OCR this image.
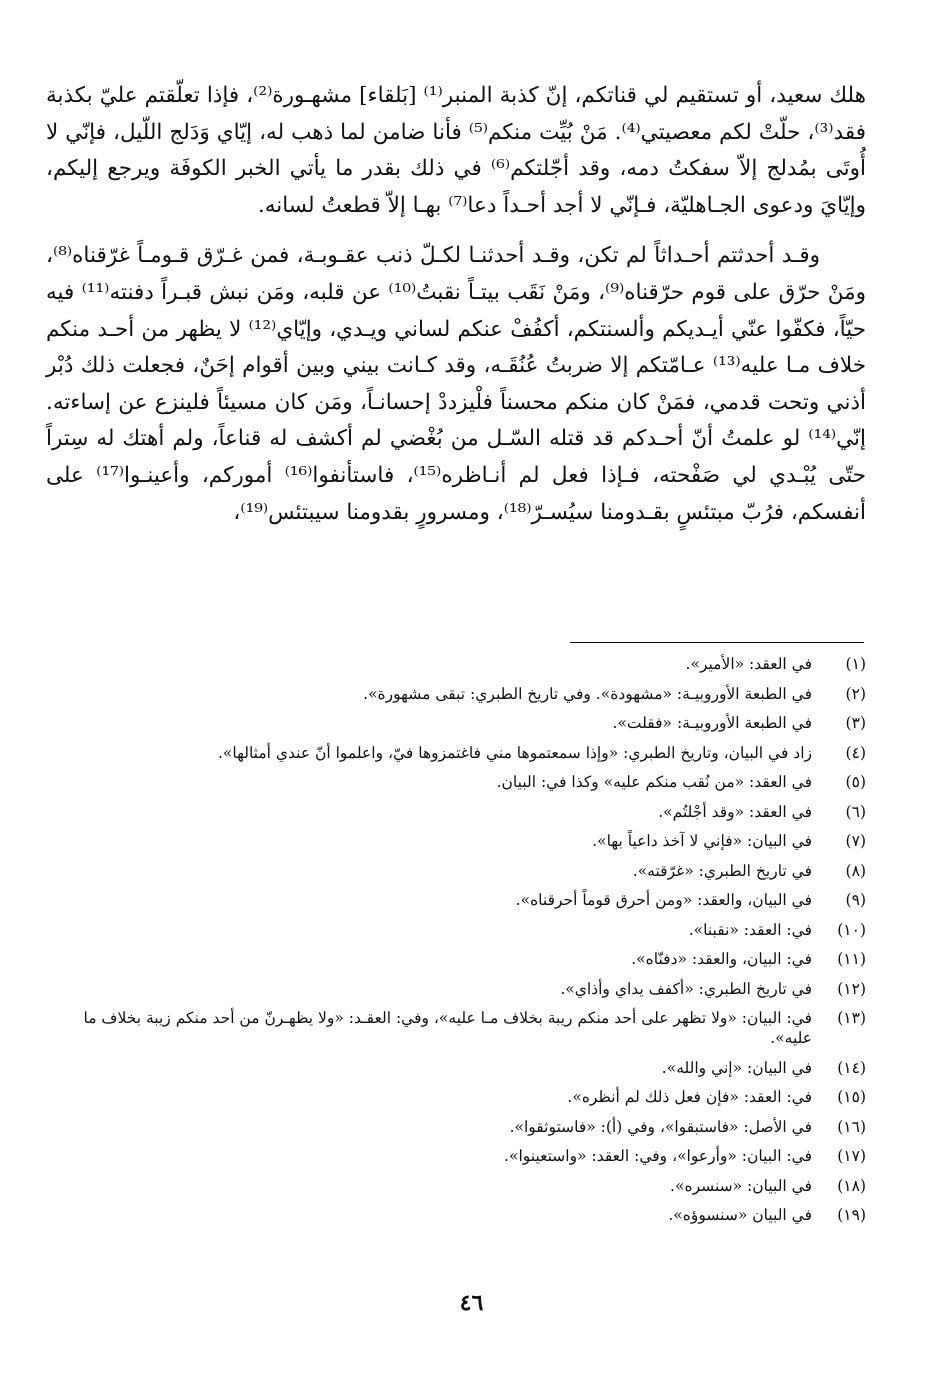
هلك سعيد، أو تستقيم لي قناتكم، إنّ كذبة المنبر⁽¹⁾ [بَلقاء] مشهـورة⁽²⁾، فإذا تعلّقتم عليّ بكذبة فقد⁽³⁾، حلّتْ لكم معصيتي⁽⁴⁾. مَنْ بُيِّت منكم⁽⁵⁾ فأنا ضامن لما ذهب له، إيّاي وَدَلج اللّيل، فإنّي لا أُوتَى بمُدلج إلاّ سفكتُ دمه، وقد أجّلتكم⁽⁶⁾ في ذلك بقدر ما يأتي الخبر الكوفَة ويرجع إليكم، وإيّايَ ودعوى الجـاهليّة، فـإنّي لا أجد أحـداً دعا⁽⁷⁾ بهـا إلاّ قطعتُ لسانه.

وقـد أحدثتم أحـداثاً لم تكن، وقـد أحدثنـا لكـلّ ذنب عقـوبـة، فمن غـرّق قـومـاً غرّقناه⁽⁸⁾، ومَنْ حرّق على قوم حرّقناه⁽⁹⁾، ومَنْ نَقَب بيتـاً نقبتُ⁽¹⁰⁾ عن قلبه، ومَن نبش قبـراً دفنته⁽¹¹⁾ فيه حيّاً، فكفّوا عنّي أيـديكم وألسنتكم، أكفُفْ عنكم لساني ويـدي، وإيّاي⁽¹²⁾ لا يظهر من أحـد منكم خلاف مـا عليه⁽¹³⁾ عـامّتكم إلا ضربتُ عُنُقَـه، وقد كـانت بيني وبين أقوام إحَنٌ، فجعلت ذلك دُبْر أذني وتحت قدمي، فمَنْ كان منكم محسناً فلْيزددْ إحسانـاً، ومَن كان مسيئاً فلينزع عن إساءته. إنّي⁽¹⁴⁾ لو علمتُ أنّ أحـدكم قد قتله السّـل من بُغْضي لم أكشف له قناعاً، ولم أهتك له سِتراً حتّى يُبْـدي لي صَفْحته، فـإذا فعل لم أنـاظره⁽¹⁵⁾، فاستأنفوا⁽¹⁶⁾ أموركم، وأعينـوا⁽¹⁷⁾ على أنفسكم، فرُبّ مبتئسٍ بقـدومنا سيُسـرّ⁽¹⁸⁾، ومسرورٍ بقدومنا سيبتئس⁽¹⁹⁾،

(١)
في العقد: «الأمير».
(٢)
في الطبعة الأوروبيـة: «مشهودة». وفي تاريخ الطبري: تبقى مشهورة».
(٣)
في الطبعة الأوروبيـة: «فقلت».
(٤)
زاد في البيان، وتاريخ الطبري: «وإذا سمعتموها مني فاغتمزوها فيّ، واعلموا أنّ عندي أمثالها».
(٥)
في العقد: «من نُقب منكم عليه» وكذا في: البيان.
(٦)
في العقد: «وقد أجْلتُم».
(٧)
في البيان: «فإني لا آخذ داعياً بها».
(٨)
في تاريخ الطبري: «غرّقته».
(٩)
في البيان، والعقد: «ومن أحرق قوماً أحرقناه».
(١٠)
في: العقد: «نقبنا».
(١١)
في: البيان، والعقد: «دفنّاه».
(١٢)
في تاريخ الطبري: «أكفف يداي وأذاي».
(١٣)
في: البيان: «ولا تظهر على أحد منكم ريبة بخلاف مـا عليه»، وفي: العقـد: «ولا يظهـرنّ من أحد منكم زيبة بخلاف ما عليه».
(١٤)
في البيان: «إني والله».
(١٥)
في: العقد: «فإن فعل ذلك لم أنظره».
(١٦)
في الأصل: «فاستبقوا»، وفي (أ): «فاستوثقوا».
(١٧)
في: البيان: «وأرعوا»، وفي: العقد: «واستعينوا».
(١٨)
في البيان: «سنسره».
(١٩)
في البيان «سنسوؤه».
٤٦
